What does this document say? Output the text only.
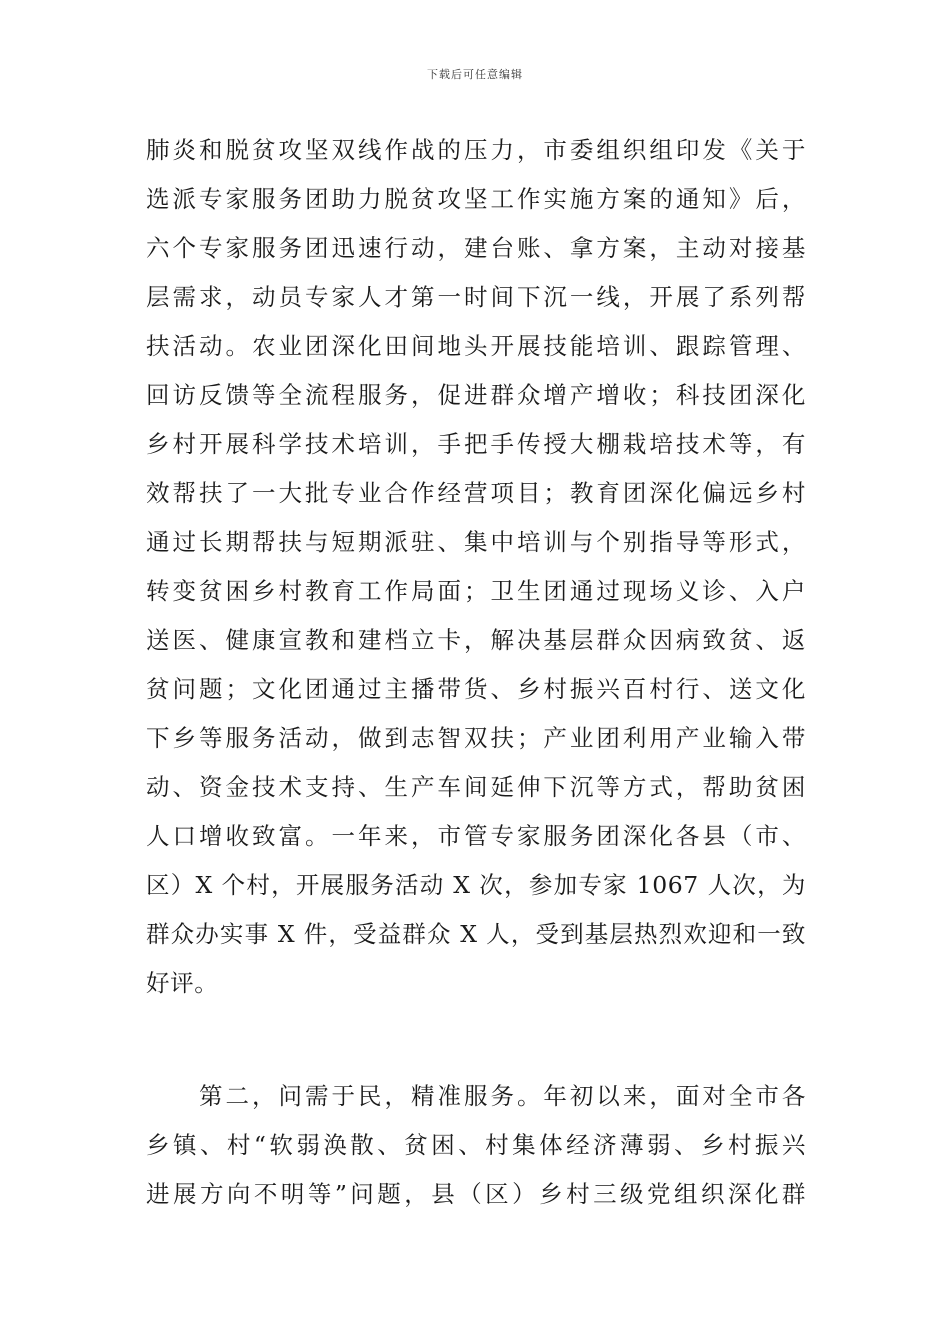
下载后可任意编辑
肺炎和脱贫攻坚双线作战的压力，市委组织组印发《关于
选派专家服务团助力脱贫攻坚工作实施方案的通知》后，
六个专家服务团迅速行动，建台账、拿方案，主动对接基
层需求，动员专家人才第一时间下沉一线，开展了系列帮
扶活动。农业团深化田间地头开展技能培训、跟踪管理、
回访反馈等全流程服务，促进群众增产增收；科技团深化
乡村开展科学技术培训，手把手传授大棚栽培技术等，有
效帮扶了一大批专业合作经营项目；教育团深化偏远乡村
通过长期帮扶与短期派驻、集中培训与个别指导等形式，
转变贫困乡村教育工作局面；卫生团通过现场义诊、入户
送医、健康宣教和建档立卡，解决基层群众因病致贫、返
贫问题；文化团通过主播带货、乡村振兴百村行、送文化
下乡等服务活动，做到志智双扶；产业团利用产业输入带
动、资金技术支持、生产车间延伸下沉等方式，帮助贫困
人口增收致富。一年来，市管专家服务团深化各县（市、
区）X 个村，开展服务活动 X 次，参加专家 1067 人次，为
群众办实事 X 件，受益群众 X 人，受到基层热烈欢迎和一致
好评。
　　第二，问需于民，精准服务。年初以来，面对全市各
乡镇、村“软弱涣散、贫困、村集体经济薄弱、乡村振兴
进展方向不明等”问题，县（区）乡村三级党组织深化群
